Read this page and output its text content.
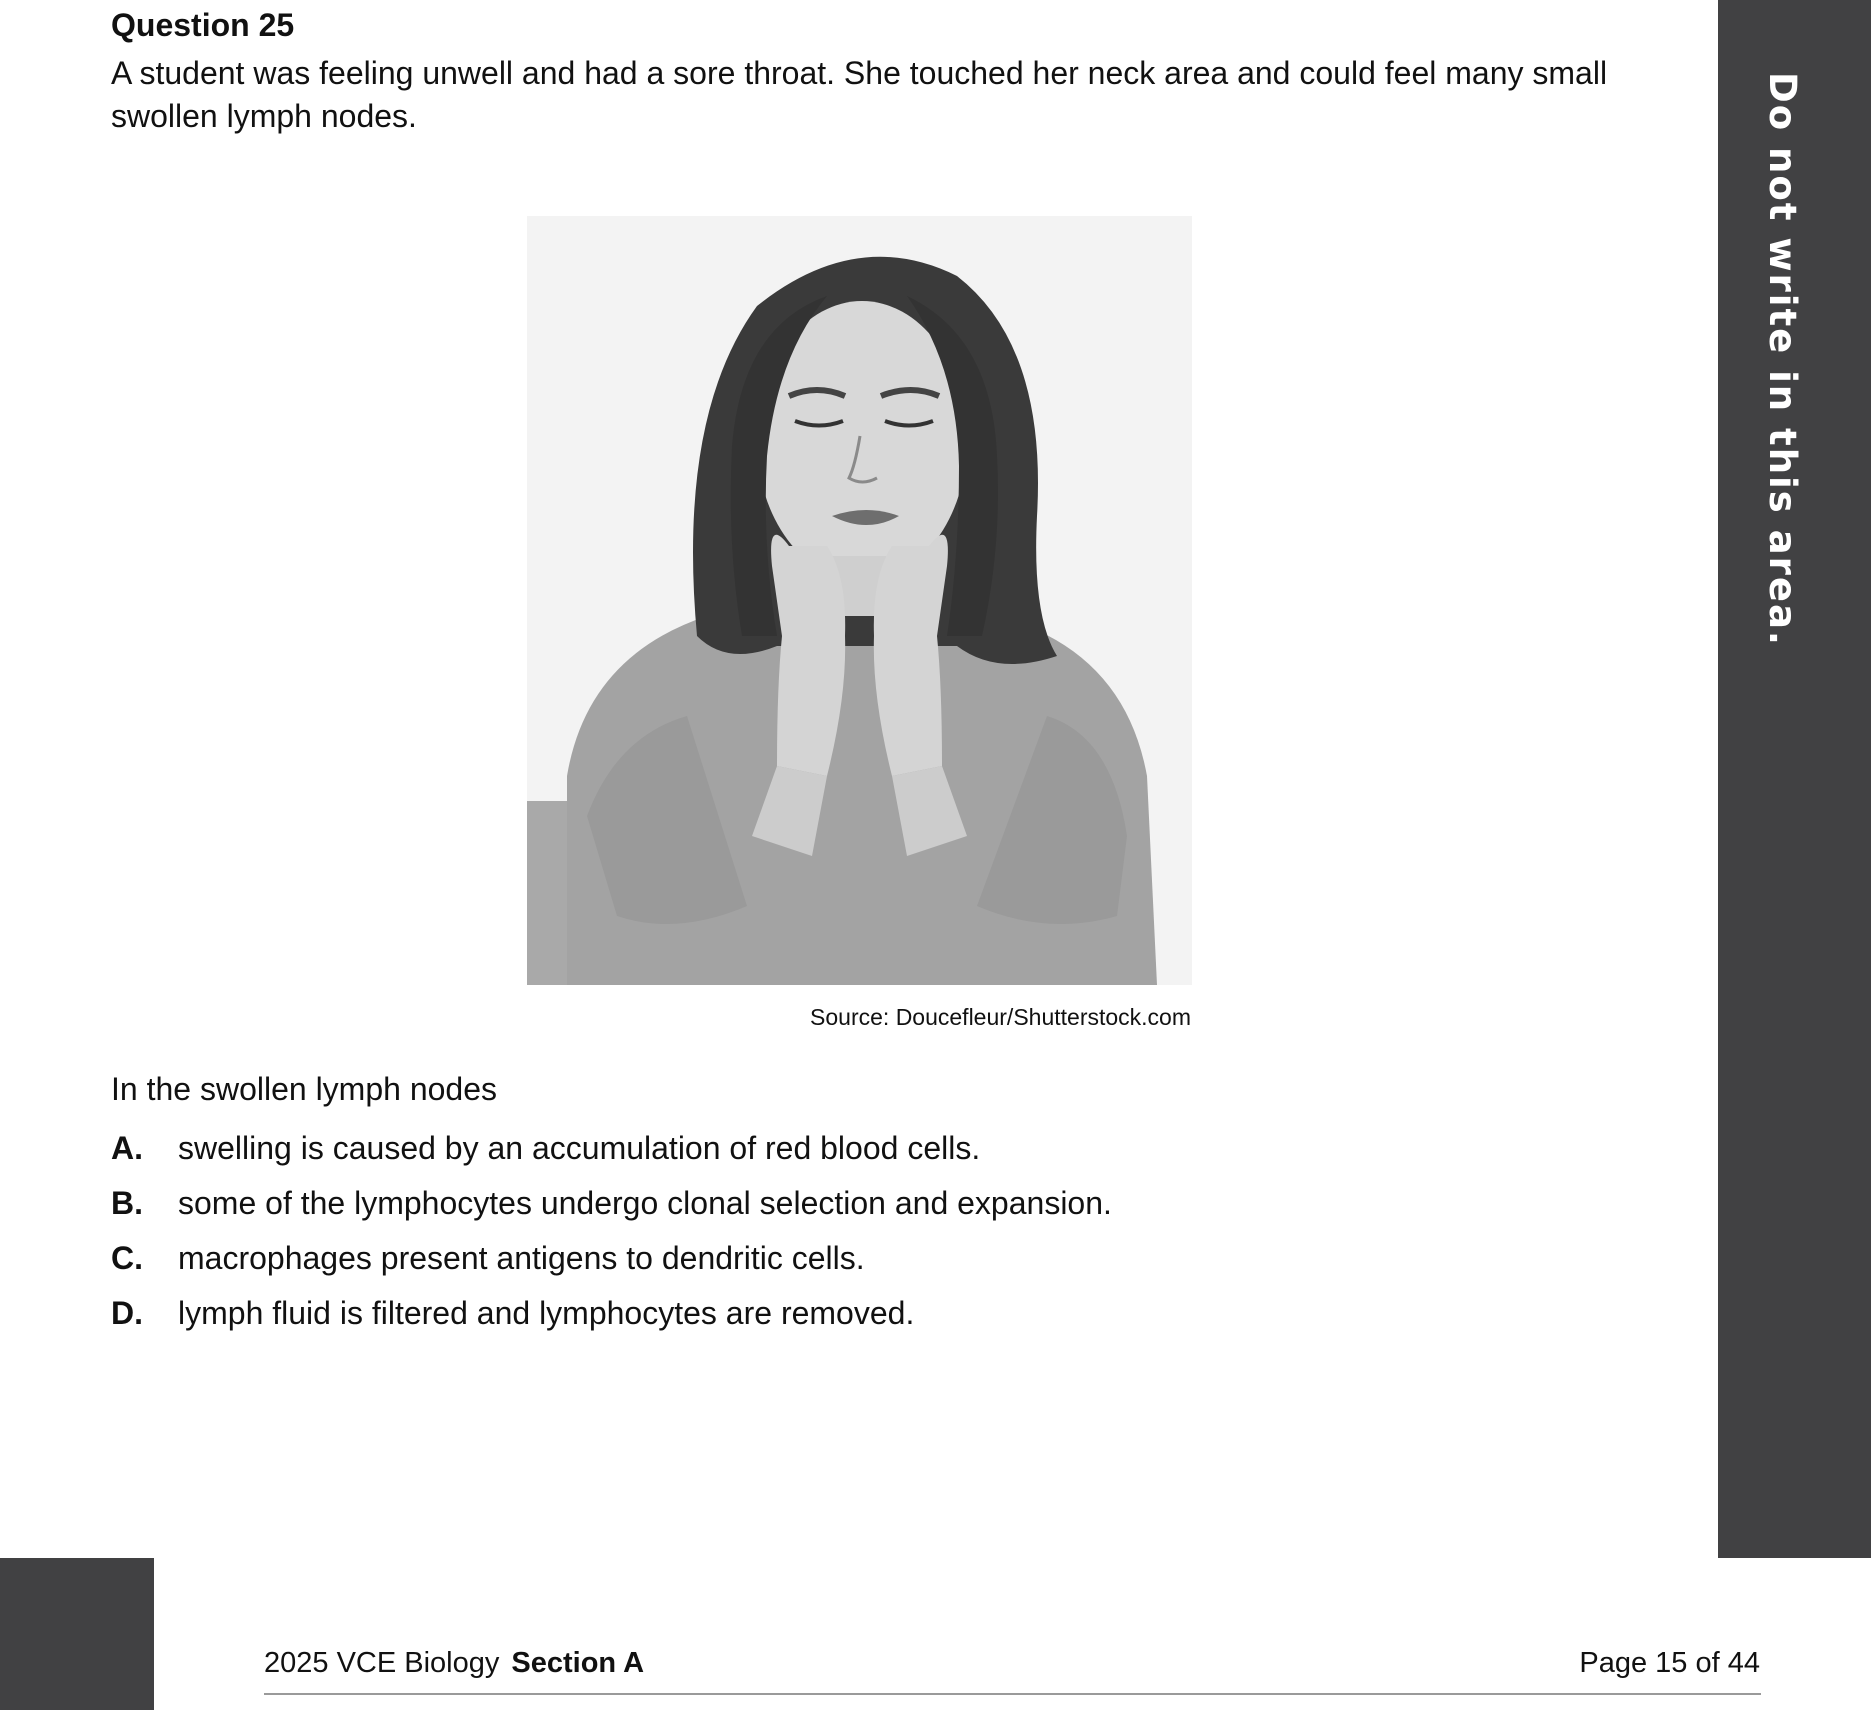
Question 25
A student was feeling unwell and had a sore throat. She touched her neck area and could feel many small swollen lymph nodes.
Source: Doucefleur/Shutterstock.com
In the swollen lymph nodes
A. swelling is caused by an accumulation of red blood cells.
B. some of the lymphocytes undergo clonal selection and expansion.
C. macrophages present antigens to dendritic cells.
D. lymph fluid is filtered and lymphocytes are removed.
Do not write in this area.
2025 VCE Biology Section A	Page 15 of 44
